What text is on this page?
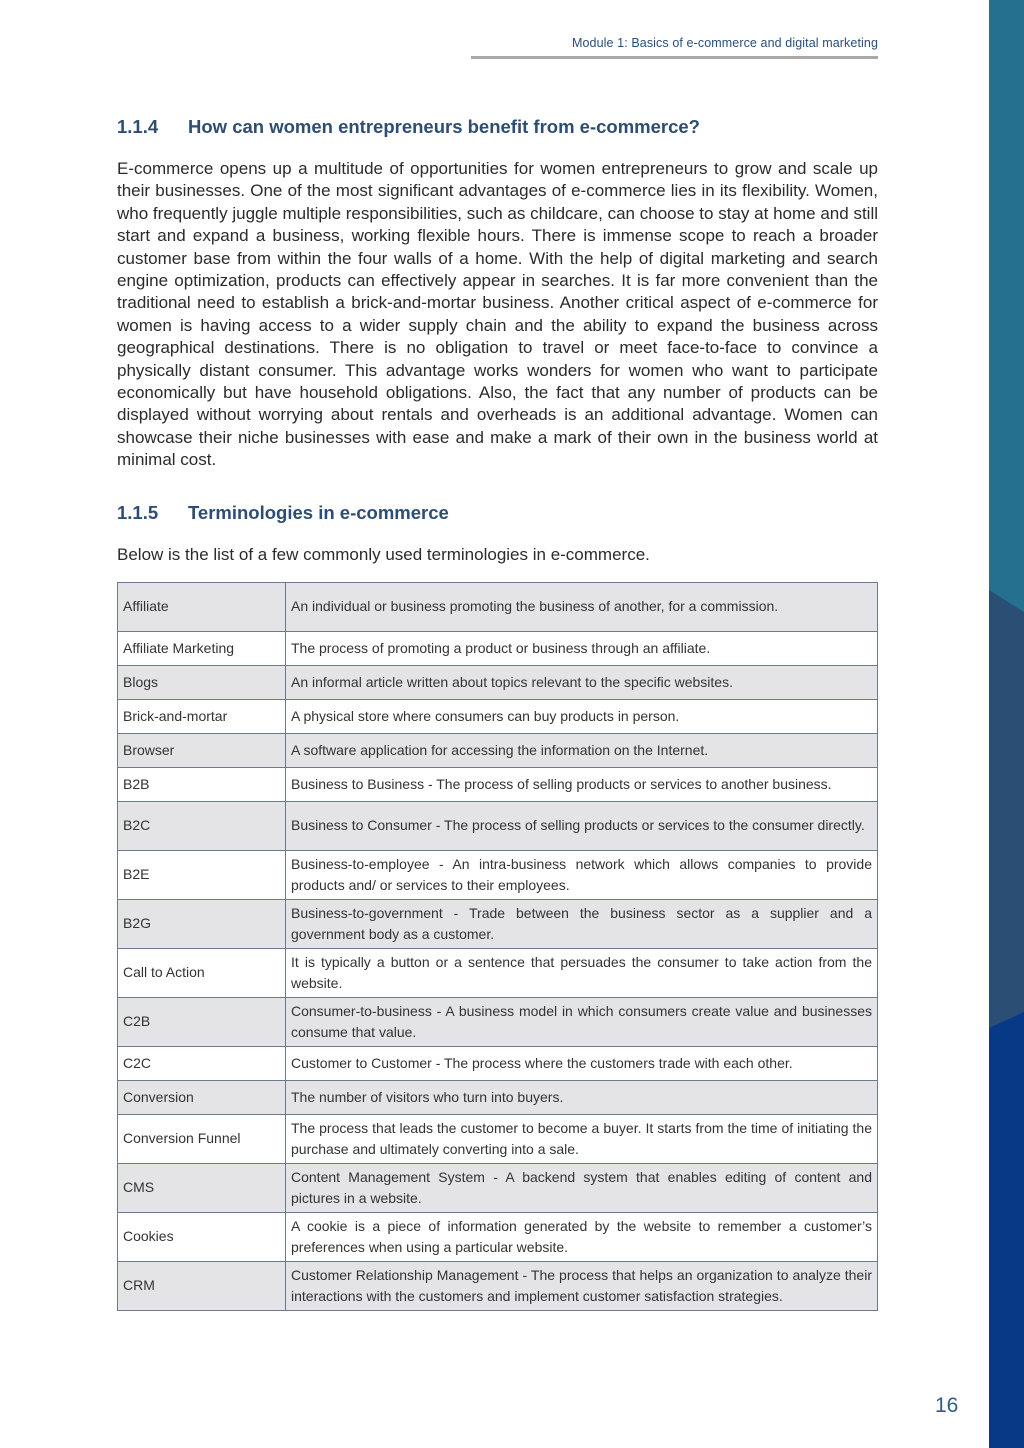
Module 1: Basics of e-commerce and digital marketing
1.1.4	How can women entrepreneurs benefit from e-commerce?

E-commerce opens up a multitude of opportunities for women entrepreneurs to grow and scale up their businesses. One of the most significant advantages of e-commerce lies in its flexibility. Women, who frequently juggle multiple responsibilities, such as childcare, can choose to stay at home and still start and expand a business, working flexible hours. There is immense scope to reach a broader customer base from within the four walls of a home. With the help of digital marketing and search engine optimization, products can effectively appear in searches. It is far more convenient than the traditional need to establish a brick-and-mortar business. Another critical aspect of e-commerce for women is having access to a wider supply chain and the ability to expand the business across geographical destinations. There is no obligation to travel or meet face-to-face to convince a physically distant consumer. This advantage works wonders for women who want to participate economically but have household obligations. Also, the fact that any number of products can be displayed without worrying about rentals and overheads is an additional advantage. Women can showcase their niche businesses with ease and make a mark of their own in the business world at minimal cost.

1.1.5	Terminologies in e-commerce

Below is the list of a few commonly used terminologies in e-commerce.

Affiliate	An individual or business promoting the business of another, for a commission.
Affiliate Marketing	The process of promoting a product or business through an affiliate.
Blogs	An informal article written about topics relevant to the specific websites.
Brick-and-mortar	A physical store where consumers can buy products in person.
Browser	A software application for accessing the information on the Internet.
B2B	Business to Business - The process of selling products or services to another business.
B2C	Business to Consumer - The process of selling products or services to the consumer directly.
B2E	Business-to-employee - An intra-business network which allows companies to provide products and/ or services to their employees.
B2G	Business-to-government - Trade between the business sector as a supplier and a government body as a customer.
Call to Action	It is typically a button or a sentence that persuades the consumer to take action from the website.
C2B	Consumer-to-business - A business model in which consumers create value and businesses consume that value.
C2C	Customer to Customer - The process where the customers trade with each other.
Conversion	The number of visitors who turn into buyers.
Conversion Funnel	The process that leads the customer to become a buyer. It starts from the time of initiating the purchase and ultimately converting into a sale.
CMS	Content Management System - A backend system that enables editing of content and pictures in a website.
Cookies	A cookie is a piece of information generated by the website to remember a customer’s preferences when using a particular website.
CRM	Customer Relationship Management - The process that helps an organization to analyze their interactions with the customers and implement customer satisfaction strategies.
16
